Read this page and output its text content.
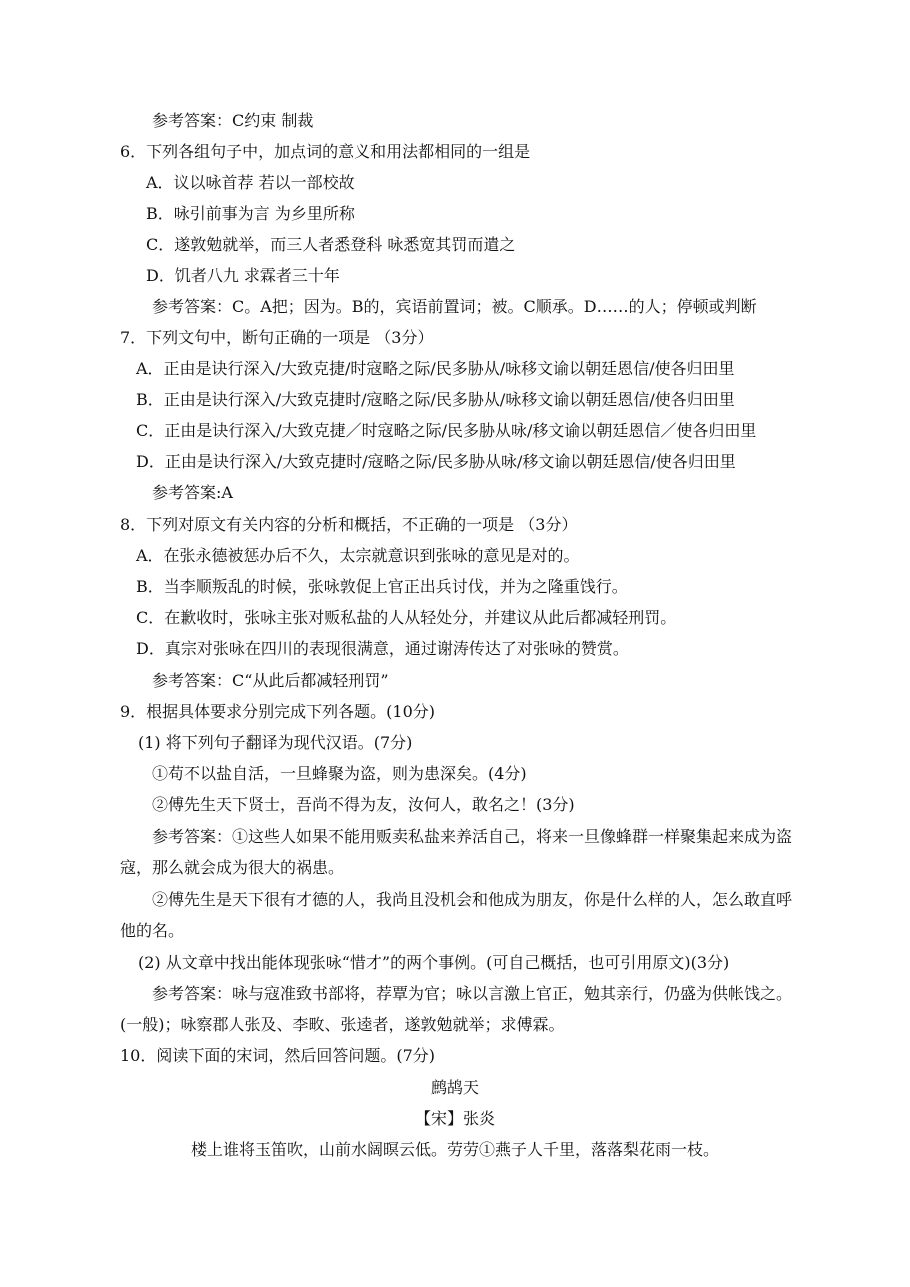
参考答案：C约束 制裁
6．下列各组句子中，加点词的意义和用法都相同的一组是
A．议以咏首荐 若以一部校故
B．咏引前事为言 为乡里所称
C．遂敦勉就举，而三人者悉登科 咏悉宽其罚而遣之
D．饥者八九 求霖者三十年
参考答案：C。A把；因为。B的，宾语前置词；被。C顺承。D……的人；停顿或判断
7．下列文句中，断句正确的一项是 （3分）
A．正由是诀行深入/大致克捷/时寇略之际/民多胁从/咏移文谕以朝廷恩信/使各归田里
B．正由是诀行深入/大致克捷时/寇略之际/民多胁从/咏移文谕以朝廷恩信/使各归田里
C．正由是诀行深入/大致克捷／时寇略之际/民多胁从咏/移文谕以朝廷恩信／使各归田里
D．正由是诀行深入/大致克捷时/寇略之际/民多胁从咏/移文谕以朝廷恩信/使各归田里
参考答案:A
8．下列对原文有关内容的分析和概括，不正确的一项是 （3分）
A．在张永德被惩办后不久，太宗就意识到张咏的意见是对的。
B．当李顺叛乱的时候，张咏敦促上官正出兵讨伐，并为之隆重饯行。
C．在歉收时，张咏主张对贩私盐的人从轻处分，并建议从此后都减轻刑罚。
D．真宗对张咏在四川的表现很满意，通过谢涛传达了对张咏的赞赏。
参考答案：C“从此后都减轻刑罚”
9．根据具体要求分别完成下列各题。(10分)
(1) 将下列句子翻译为现代汉语。(7分)
①苟不以盐自活，一旦蜂聚为盗，则为患深矣。(4分)
②傅先生天下贤士，吾尚不得为友，汝何人，敢名之！(3分)
参考答案：①这些人如果不能用贩卖私盐来养活自己，将来一旦像蜂群一样聚集起来成为盗
寇，那么就会成为很大的祸患。
②傅先生是天下很有才德的人，我尚且没机会和他成为朋友，你是什么样的人，怎么敢直呼
他的名。
(2) 从文章中找出能体现张咏“惜才”的两个事例。(可自己概括，也可引用原文)(3分)
参考答案：咏与寇准致书部将，荐覃为官；咏以言激上官正，勉其亲行，仍盛为供帐饯之。
(一般)；咏察郡人张及、李畋、张逵者，遂敦勉就举；求傅霖。
10．阅读下面的宋词，然后回答问题。(7分)
鹧鸪天
【宋】张炎
楼上谁将玉笛吹，山前水阔暝云低。劳劳①燕子人千里，落落梨花雨一枝。
